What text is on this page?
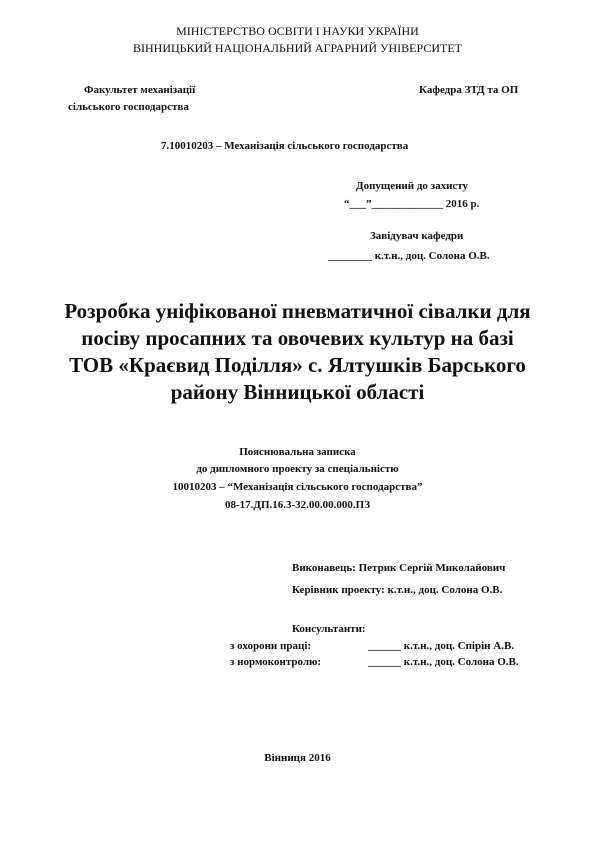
МІНІСТЕРСТВО ОСВІТИ І НАУКИ УКРАЇНИ
ВІННИЦЬКИЙ НАЦІОНАЛЬНИЙ АГРАРНИЙ УНІВЕРСИТЕТ
Факультет механізації
сільського господарства
Кафедра ЗТД та ОП
7.10010203 – Механізація сільського господарства
Допущений до захисту
“___”_____________ 2016 р.
Завідувач кафедри
________ к.т.н., доц. Солона О.В.
Розробка уніфікованої пневматичної сівалки для посіву просапних та овочевих культур на базі ТОВ «Краєвид Поділля» с. Ялтушків Барського району Вінницької області
Пояснювальна записка
до дипломного проекту за спеціальністю
10010203 – “Механізація сільського господарства”
08-17.ДП.16.3-32.00.00.000.ПЗ
Виконавець: Петрик Сергій Миколайович
Керівник проекту: к.т.н., доц. Солона О.В.
Консультанти:
з охорони праці:	______ к.т.н., доц. Спірін А.В.
з нормоконтролю:	______ к.т.н., доц. Солона О.В.
Вінниця 2016
